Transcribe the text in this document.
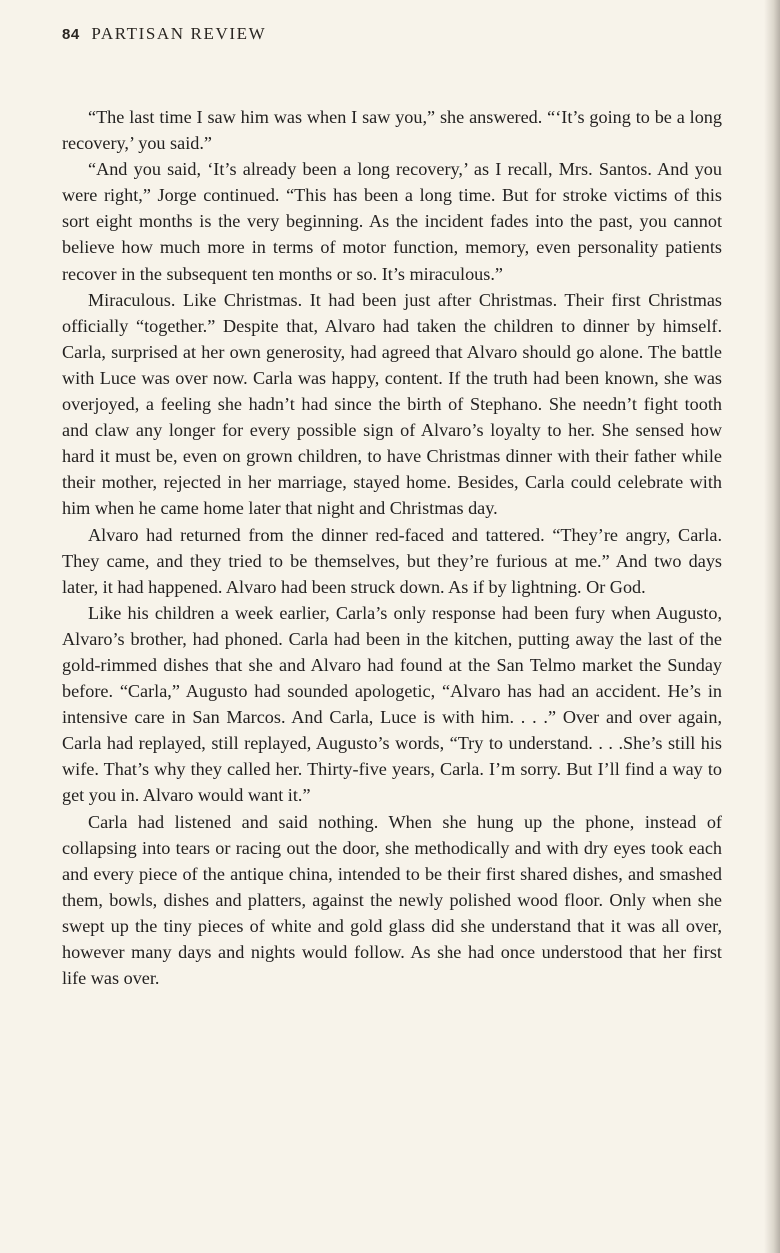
84 PARTISAN REVIEW

“The last time I saw him was when I saw you,” she answered. “‘It’s going to be a long recovery,’ you said.”

“And you said, ‘It’s already been a long recovery,’ as I recall, Mrs. Santos. And you were right,” Jorge continued. “This has been a long time. But for stroke victims of this sort eight months is the very beginning. As the incident fades into the past, you cannot believe how much more in terms of motor function, memory, even personality patients recover in the subsequent ten months or so. It’s miraculous.”

Miraculous. Like Christmas. It had been just after Christmas. Their first Christmas officially “together.” Despite that, Alvaro had taken the children to dinner by himself. Carla, surprised at her own generosity, had agreed that Alvaro should go alone. The battle with Luce was over now. Carla was happy, content. If the truth had been known, she was overjoyed, a feeling she hadn’t had since the birth of Stephano. She needn’t fight tooth and claw any longer for every possible sign of Alvaro’s loyalty to her. She sensed how hard it must be, even on grown children, to have Christmas dinner with their father while their mother, rejected in her marriage, stayed home. Besides, Carla could celebrate with him when he came home later that night and Christmas day.

Alvaro had returned from the dinner red-faced and tattered. “They’re angry, Carla. They came, and they tried to be themselves, but they’re furious at me.” And two days later, it had happened. Alvaro had been struck down. As if by lightning. Or God.

Like his children a week earlier, Carla’s only response had been fury when Augusto, Alvaro’s brother, had phoned. Carla had been in the kitchen, putting away the last of the gold-rimmed dishes that she and Alvaro had found at the San Telmo market the Sunday before. “Carla,” Augusto had sounded apologetic, “Alvaro has had an accident. He’s in intensive care in San Marcos. And Carla, Luce is with him. . . .” Over and over again, Carla had replayed, still replayed, Augusto’s words, “Try to understand. . . .She’s still his wife. That’s why they called her. Thirty-five years, Carla. I’m sorry. But I’ll find a way to get you in. Alvaro would want it.”

Carla had listened and said nothing. When she hung up the phone, instead of collapsing into tears or racing out the door, she methodically and with dry eyes took each and every piece of the antique china, intended to be their first shared dishes, and smashed them, bowls, dishes and platters, against the newly polished wood floor. Only when she swept up the tiny pieces of white and gold glass did she understand that it was all over, however many days and nights would follow. As she had once understood that her first life was over.
